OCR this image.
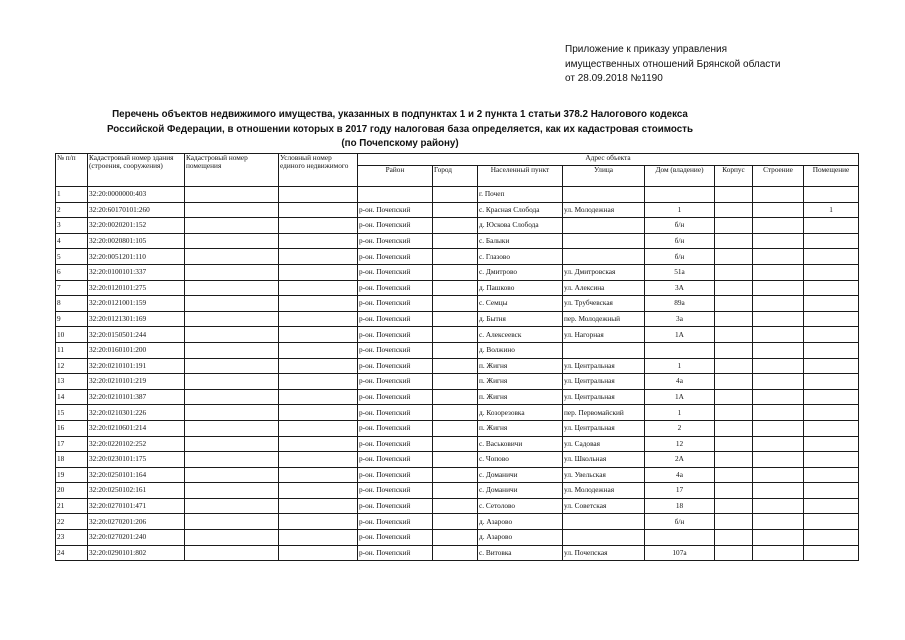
Приложение к приказу управления
имущественных отношений Брянской области
от 28.09.2018 №1190
Перечень объектов недвижимого имущества, указанных в подпунктах 1 и 2 пункта 1 статьи 378.2 Налогового кодекса
Российской Федерации, в отношении которых в 2017 году налоговая база определяется, как их кадастровая стоимость
(по Почепскому району)
№ п/п	Кадастровый номер здания (строения, сооружения)	Кадастровый номер помещения	Условный номер единого недвижимого	Адрес объекта							
				Район	Город	Населенный пункт	Улица	Дом (владение)	Корпус	Строение	Помещение
1	32:20:0000000:403					г. Почеп					
2	32:20:60170101:260			р-он. Почепский		с. Красная Слобода	ул. Молодежная	1			1
3	32:20:0020201:152			р-он. Почепский		д. Юскова Слобода		б/н			
4	32:20:0020801:105			р-он. Почепский		с. Балыки		б/н			
5	32:20:0051201:110			р-он. Почепский		с. Глазово		б/н			
6	32:20:0100101:337			р-он. Почепский		с. Дмитрово	ул. Дмитровская	51а			
7	32:20:0120101:275			р-он. Почепский		д. Пашково	ул. Алексина	3А			
8	32:20:0121001:159			р-он. Почепский		с. Семцы	ул. Трубчевская	89а			
9	32:20:0121301:169			р-он. Почепский		д. Бытня	пер. Молодежный	3а			
10	32:20:0150501:244			р-он. Почепский		с. Алексеевск	ул. Нагорная	1А			
11	32:20:0160101:200			р-он. Почепский		д. Волжино					
12	32:20:0210101:191			р-он. Почепский		п. Жигня	ул. Центральная	1			
13	32:20:0210101:219			р-он. Почепский		п. Жигня	ул. Центральная	4а			
14	32:20:0210101:387			р-он. Почепский		п. Жигня	ул. Центральная	1А			
15	32:20:0210301:226			р-он. Почепский		д. Козорезовка	пер. Первомайский	1			
16	32:20:0210601:214			р-он. Почепский		п. Жигня	ул. Центральная	2			
17	32:20:0220102:252			р-он. Почепский		с. Васьковичи	ул. Садовая	12			
18	32:20:0230101:175			р-он. Почепский		с. Чопово	ул. Школьная	2А			
19	32:20:0250101:164			р-он. Почепский		с. Доманичи	ул. Увельская	4а			
20	32:20:0250102:161			р-он. Почепский		с. Доманичи	ул. Молодежная	17			
21	32:20:0270101:471			р-он. Почепский		с. Сетолово	ул. Советская	18			
22	32:20:0270201:206			р-он. Почепский		д. Азарово		б/н			
23	32:20:0270201:240			р-он. Почепский		д. Азарово					
24	32:20:0290101:802			р-он. Почепский		с. Витовка	ул. Почепская	107а			
